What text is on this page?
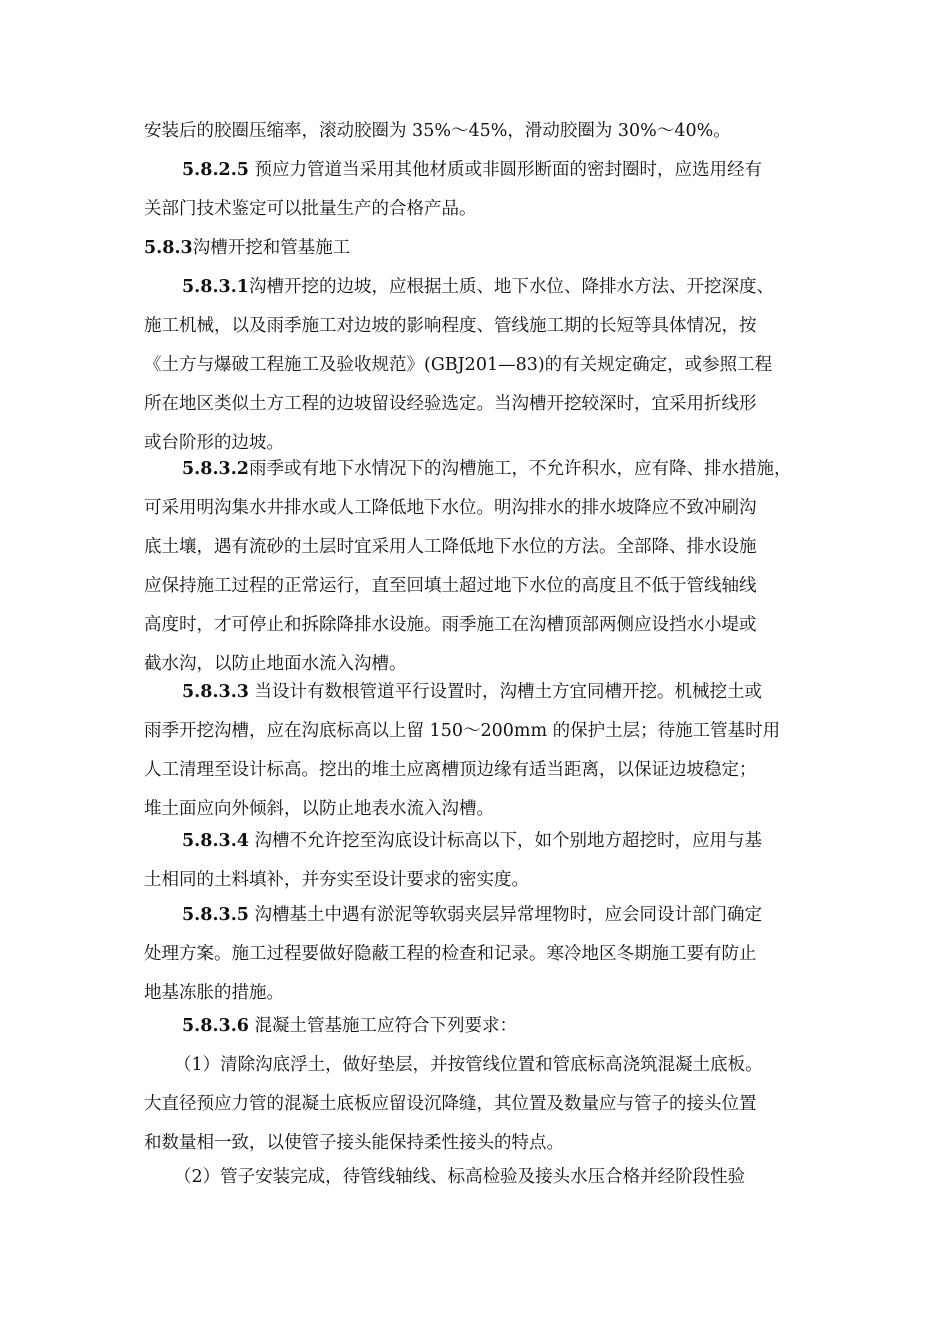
安装后的胶圈压缩率，滚动胶圈为 35%～45%，滑动胶圈为 30%～40%。

5.8.2.5 预应力管道当采用其他材质或非圆形断面的密封圈时，应选用经有

关部门技术鉴定可以批量生产的合格产品。

5.8.3沟槽开挖和管基施工

5.8.3.1沟槽开挖的边坡，应根据土质、地下水位、降排水方法、开挖深度、

施工机械，以及雨季施工对边坡的影响程度、管线施工期的长短等具体情况，按

《土方与爆破工程施工及验收规范》(GBJ201—83)的有关规定确定，或参照工程

所在地区类似土方工程的边坡留设经验选定。当沟槽开挖较深时，宜采用折线形

或台阶形的边坡。

5.8.3.2雨季或有地下水情况下的沟槽施工，不允许积水，应有降、排水措施，

可采用明沟集水井排水或人工降低地下水位。明沟排水的排水坡降应不致冲刷沟

底土壤，遇有流砂的土层时宜采用人工降低地下水位的方法。全部降、排水设施

应保持施工过程的正常运行，直至回填土超过地下水位的高度且不低于管线轴线

高度时，才可停止和拆除降排水设施。雨季施工在沟槽顶部两侧应设挡水小堤或

截水沟，以防止地面水流入沟槽。

5.8.3.3 当设计有数根管道平行设置时，沟槽土方宜同槽开挖。机械挖土或

雨季开挖沟槽，应在沟底标高以上留 150～200mm 的保护土层；待施工管基时用

人工清理至设计标高。挖出的堆土应离槽顶边缘有适当距离，以保证边坡稳定；

堆土面应向外倾斜，以防止地表水流入沟槽。

5.8.3.4 沟槽不允许挖至沟底设计标高以下，如个别地方超挖时，应用与基

土相同的土料填补，并夯实至设计要求的密实度。

5.8.3.5 沟槽基土中遇有淤泥等软弱夹层异常埋物时，应会同设计部门确定

处理方案。施工过程要做好隐蔽工程的检查和记录。寒冷地区冬期施工要有防止

地基冻胀的措施。

5.8.3.6 混凝土管基施工应符合下列要求：

（1）清除沟底浮土，做好垫层，并按管线位置和管底标高浇筑混凝土底板。

大直径预应力管的混凝土底板应留设沉降缝，其位置及数量应与管子的接头位置

和数量相一致，以使管子接头能保持柔性接头的特点。

（2）管子安装完成，待管线轴线、标高检验及接头水压合格并经阶段性验
